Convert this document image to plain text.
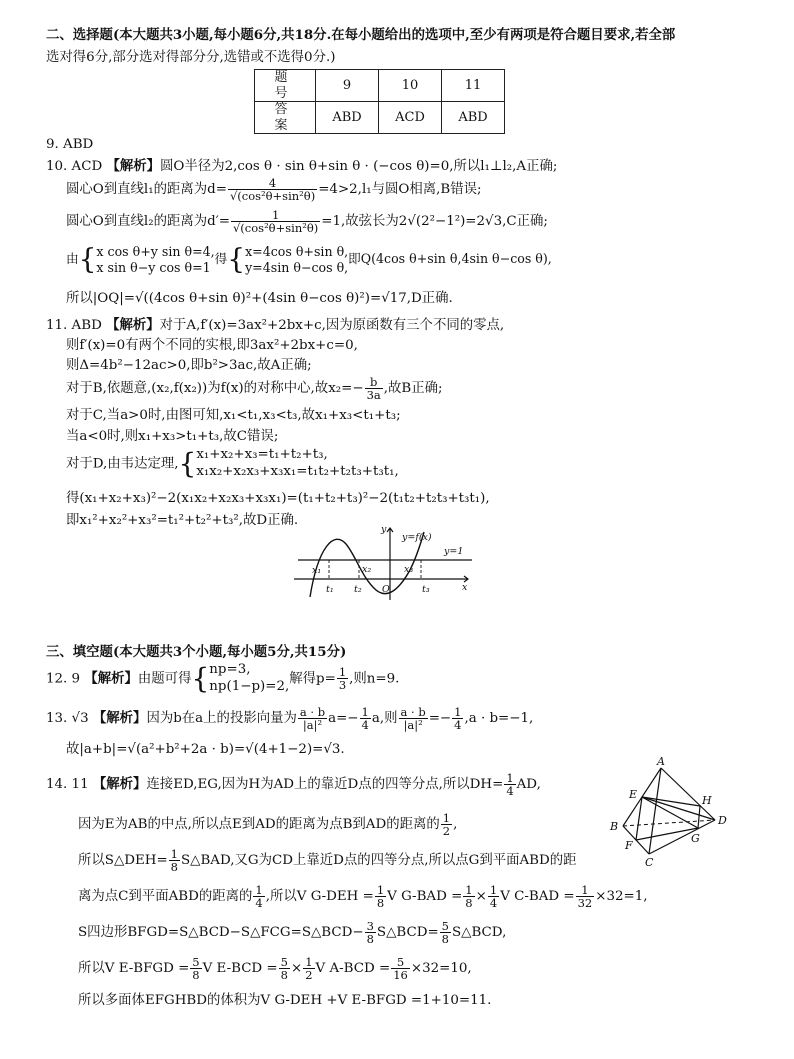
二、选择题(本大题共3小题,每小题6分,共18分.在每小题给出的选项中,至少有两项是符合题目要求,若全部
选对得6分,部分选对得部分分,选错或不选得0分.)
题 号	9	10	11
答 案	ABD	ACD	ABD
9. ABD
10. ACD 【解析】圆O半径为2,cos θ · sin θ+sin θ · (−cos θ)=0,所以l₁⊥l₂,A正确;
圆心O到直线l₁的距离为$d= \frac{4}{\text{√(cos²θ+sin²θ)}} =4>2,l_1$与圆O相离,B错误;
圆心O到直线l₂的距离为$d'= \frac{1}{\text{√(cos²θ+sin²θ)}} =1$,故弦长为2√(2²−1²)=2√3,C正确;
由{x cos θ+y sin θ=4,
x sin θ−y cos θ=1得{x=4cos θ+sin θ,
y=4sin θ−cos θ,即Q(4cos θ+sin θ,4sin θ−cos θ),
所以|OQ|=√((4cos θ+sin θ)²+(4sin θ−cos θ)²)=√17,D正确.
11. ABD 【解析】对于A,f′(x)=3ax²+2bx+c,因为原函数有三个不同的零点,
则f′(x)=0有两个不同的实根,即3ax²+2bx+c=0,
则Δ=4b²−12ac>0,即b²>3ac,故A正确;
对于B,依题意,(x₂,f(x₂))为f(x)的对称中心,故$x_2=- \frac{b}{3a}$ ,故B正确;
对于C,当a>0时,由图可知,x₁<t₁,x₃<t₃,故x₁+x₃<t₁+t₃;
当a<0时,则x₁+x₃>t₁+t₃,故C错误;
对于D,由韦达定理,{x₁+x₂+x₃=t₁+t₂+t₃,
x₁x₂+x₂x₃+x₃x₁=t₁t₂+t₂t₃+t₃t₁,
得(x₁+x₂+x₃)²−2(x₁x₂+x₂x₃+x₃x₁)=(t₁+t₂+t₃)²−2(t₁t₂+t₂t₃+t₃t₁),
即x₁²+x₂²+x₃²=t₁²+t₂²+t₃²,故D正确.
y=f(x)
y=1
y
x
O
x₁	x₂	x₃
t₁ t₂	t₃
三、填空题(本大题共3个小题,每小题5分,共15分)
12. 9 【解析】由题可得{np=3,
np(1−p)=2,解得$p= \frac{1}{3}$ ,则n=9.
13. √3 【解析】因为b在a上的投影向量为 $\frac{a \cdot b}{\text{|a|²}} a=- \frac{1}{4} a$,则 $\frac{a \cdot b}{\text{|a|²}} =- \frac{1}{4} ,a \cdot b=-1$,
故|a+b|=√(a²+b²+2a · b)=√(4+1−2)=√3.
14. 11 【解析】连接ED,EG,因为H为AD上的靠近D点的四等分点,所以$DH= \frac{1}{4}$ AD,
因为E为AB的中点,所以点E到AD的距离为点B到AD的距离的 $\frac{1}{2}$ ,
所以S△DEH= $\frac{1}{8}$ S△BAD,又G为CD上靠近D点的四等分点,所以点G到平面ABD的距
离为点C到平面ABD的距离的 $\frac{1}{4}$ ,所以V $G-DEH = \frac{1}{8}$ V $G-BAD = \frac{1}{8} \times \frac{1}{4}$ V $C-BAD = \frac{1}{32} \times 32=1$,
S四边形BFGD=S△BCD−S△FCG=S△BCD− $\frac{3}{8}$ S△BCD= $\frac{5}{8}$ S△BCD,
所以V E-BFGD = $\frac{5}{8}$ V $E-BCD = \frac{5}{8} \times \frac{1}{2}$ V $A-BCD = \frac{5}{16} \times 32=10$,
所以多面体EFGHBD的体积为V G-DEH +V E-BFGD =1+10=11.
A
B
C
D
E
F
G
H
